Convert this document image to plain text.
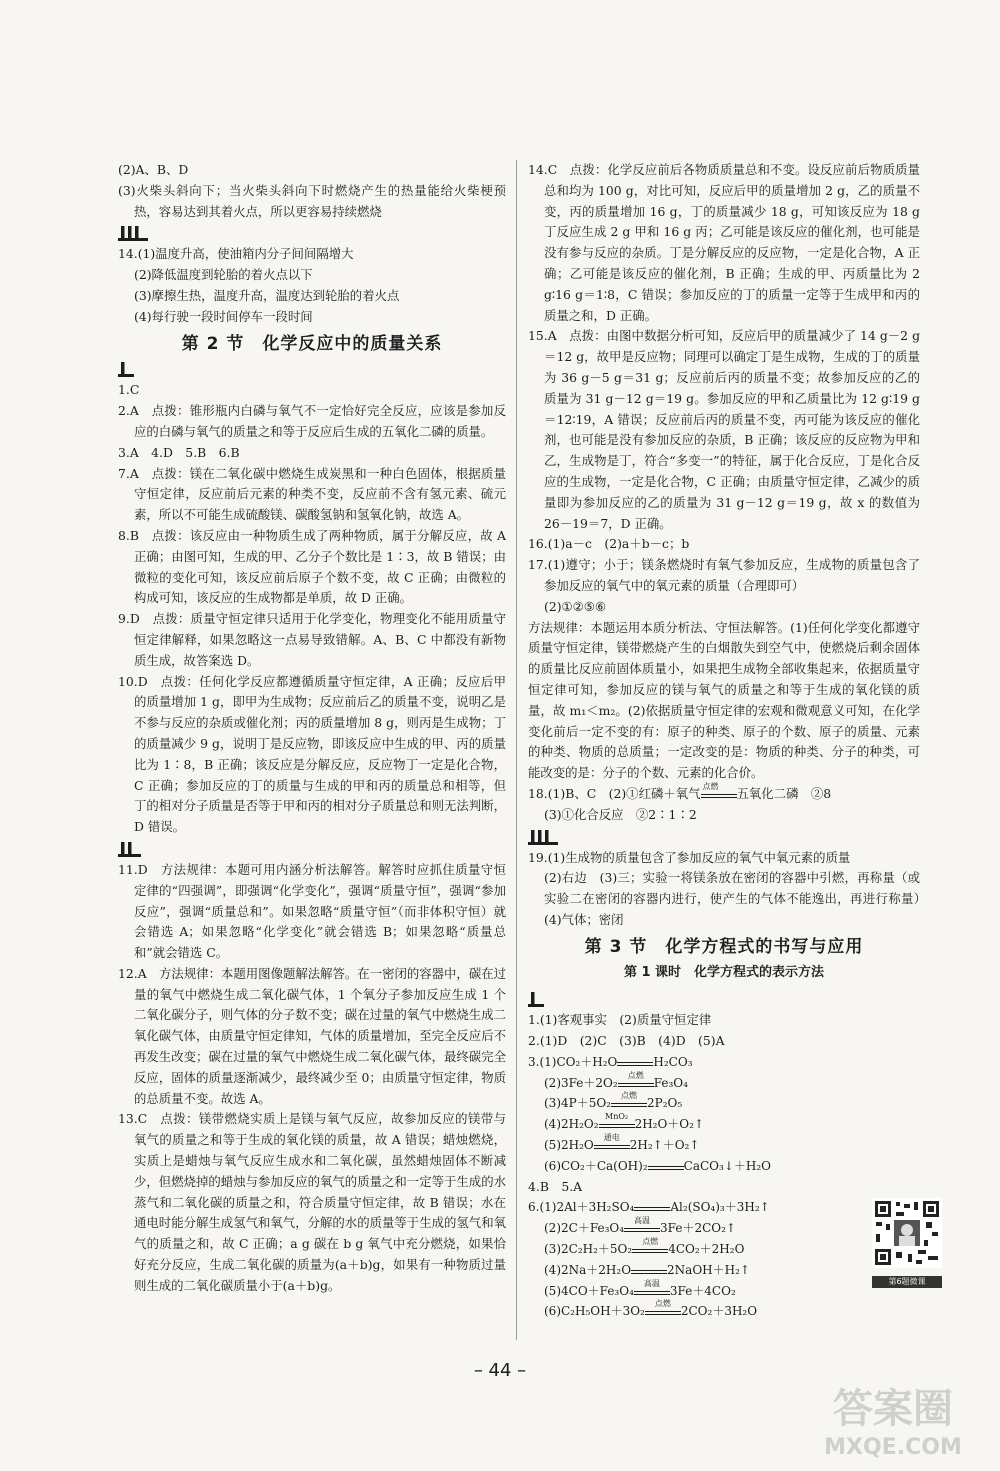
(2)A、B、D

(3)火柴头斜向下；当火柴头斜向下时燃烧产生的热量能给火柴梗预热，容易达到其着火点，所以更容易持续燃烧

14.(1)温度升高，使油箱内分子间间隔增大

(2)降低温度到轮胎的着火点以下

(3)摩擦生热，温度升高，温度达到轮胎的着火点

(4)每行驶一段时间停车一段时间

第 2 节　化学反应中的质量关系

1.C

2.A　点拨：锥形瓶内白磷与氧气不一定恰好完全反应，应该是参加反应的白磷与氧气的质量之和等于反应后生成的五氧化二磷的质量。

3.A　4.D　5.B　6.B

7.A　点拨：镁在二氧化碳中燃烧生成炭黑和一种白色固体，根据质量守恒定律，反应前后元素的种类不变，反应前不含有氢元素、硫元素，所以不可能生成硫酸镁、碳酸氢钠和氢氧化钠，故选 A。

8.B　点拨：该反应由一种物质生成了两种物质，属于分解反应，故 A 正确；由图可知，生成的甲、乙分子个数比是 1∶3，故 B 错误；由微粒的变化可知，该反应前后原子个数不变，故 C 正确；由微粒的构成可知，该反应的生成物都是单质，故 D 正确。

9.D　点拨：质量守恒定律只适用于化学变化，物理变化不能用质量守恒定律解释，如果忽略这一点易导致错解。A、B、C 中都没有新物质生成，故答案选 D。

10.D　点拨：任何化学反应都遵循质量守恒定律，A 正确；反应后甲的质量增加 1 g，即甲为生成物；反应前后乙的质量不变，说明乙是不参与反应的杂质或催化剂；丙的质量增加 8 g，则丙是生成物；丁的质量减少 9 g，说明丁是反应物，即该反应中生成的甲、丙的质量比为 1∶8，B 正确；该反应是分解反应，反应物丁一定是化合物，C 正确；参加反应的丁的质量与生成的甲和丙的质量总和相等，但丁的相对分子质量是否等于甲和丙的相对分子质量总和则无法判断，D 错误。

11.D　方法规律：本题可用内涵分析法解答。解答时应抓住质量守恒定律的“四强调”，即强调“化学变化”，强调“质量守恒”，强调“参加反应”，强调“质量总和”。如果忽略“质量守恒”（而非体积守恒）就会错选 A；如果忽略“化学变化”就会错选 B；如果忽略“质量总和”就会错选 C。

12.A　方法规律：本题用图像题解法解答。在一密闭的容器中，碳在过量的氧气中燃烧生成二氧化碳气体，1 个氧分子参加反应生成 1 个二氧化碳分子，则气体的分子数不变；碳在过量的氧气中燃烧生成二氧化碳气体，由质量守恒定律知，气体的质量增加，至完全反应后不再发生改变；碳在过量的氧气中燃烧生成二氧化碳气体，最终碳完全反应，固体的质量逐渐减少，最终减少至 0；由质量守恒定律，物质的总质量不变。故选 A。

13.C　点拨：镁带燃烧实质上是镁与氧气反应，故参加反应的镁带与氧气的质量之和等于生成的氧化镁的质量，故 A 错误；蜡烛燃烧，实质上是蜡烛与氧气反应生成水和二氧化碳，虽然蜡烛固体不断减少，但燃烧掉的蜡烛与参加反应的氧气的质量之和一定等于生成的水蒸气和二氧化碳的质量之和，符合质量守恒定律，故 B 错误；水在通电时能分解生成氢气和氧气，分解的水的质量等于生成的氢气和氧气的质量之和，故 C 正确；a g 碳在 b g 氧气中充分燃烧，如果恰好充分反应，生成二氧化碳的质量为(a＋b)g，如果有一种物质过量则生成的二氧化碳质量小于(a＋b)g。

14.C　点拨：化学反应前后各物质质量总和不变。设反应前后物质质量总和均为 100 g，对比可知，反应后甲的质量增加 2 g，乙的质量不变，丙的质量增加 16 g，丁的质量减少 18 g，可知该反应为 18 g 丁反应生成 2 g 甲和 16 g 丙；乙可能是该反应的催化剂，也可能是没有参与反应的杂质。丁是分解反应的反应物，一定是化合物，A 正确；乙可能是该反应的催化剂，B 正确；生成的甲、丙质量比为 2 g∶16 g＝1∶8，C 错误；参加反应的丁的质量一定等于生成甲和丙的质量之和，D 正确。

15.A　点拨：由图中数据分析可知，反应后甲的质量减少了 14 g－2 g＝12 g，故甲是反应物；同理可以确定丁是生成物，生成的丁的质量为 36 g－5 g＝31 g；反应前后丙的质量不变；故参加反应的乙的质量为 31 g－12 g＝19 g。参加反应的甲和乙质量比为 12 g∶19 g＝12∶19，A 错误；反应前后丙的质量不变，丙可能为该反应的催化剂，也可能是没有参加反应的杂质，B 正确；该反应的反应物为甲和乙，生成物是丁，符合“多变一”的特征，属于化合反应，丁是化合反应的生成物，一定是化合物，C 正确；由质量守恒定律，乙减少的质量即为参加反应的乙的质量为 31 g－12 g＝19 g，故 x 的数值为 26－19＝7，D 正确。

16.(1)a－c　(2)a＋b－c；b

17.(1)遵守；小于；镁条燃烧时有氧气参加反应，生成物的质量包含了参加反应的氧气中的氧元素的质量（合理即可）

(2)①②⑤⑥

方法规律：本题运用本质分析法、守恒法解答。(1)任何化学变化都遵守质量守恒定律，镁带燃烧产生的白烟散失到空气中，使燃烧后剩余固体的质量比反应前固体质量小，如果把生成物全部收集起来，依据质量守恒定律可知，参加反应的镁与氧气的质量之和等于生成的氧化镁的质量，故 m₁＜m₂。(2)依据质量守恒定律的宏观和微观意义可知，在化学变化前后一定不变的有：原子的种类、原子的个数、原子的质量、元素的种类、物质的总质量；一定改变的是：物质的种类、分子的种类，可能改变的是：分子的个数、元素的化合价。

18.(1)B、C　(2)①红磷＋氧气 点燃	五氧化二磷　②8

(3)①化合反应　②2∶1∶2

19.(1)生成物的质量包含了参加反应的氧气中氧元素的质量

(2)右边　(3)三；实验一将镁条放在密闭的容器中引燃，再称量（或实验二在密闭的容器内进行，使产生的气体不能逸出，再进行称量）　(4)气体；密闭

第 3 节　化学方程式的书写与应用
第 1 课时　化学方程式的表示方法

1.(1)客观事实　(2)质量守恒定律

2.(1)D　(2)C　(3)B　(4)D　(5)A

3.(1)CO₂＋H₂O	H₂CO₃

(2)3Fe＋2O₂
点燃
Fe₃O₄

(3)4P＋5O₂
点燃
2P₂O₅

(4)2H₂O₂
MnO₂
2H₂O＋O₂↑

(5)2H₂O
通电
2H₂↑＋O₂↑

(6)CO₂＋Ca(OH)₂	CaCO₃↓＋H₂O

4.B　5.A

6.(1)2Al＋3H₂SO₄	Al₂(SO₄)₃＋3H₂↑

(2)2C＋Fe₃O₄
高温
3Fe＋2CO₂↑

(3)2C₂H₂＋5O₂
点燃
4CO₂＋2H₂O

(4)2Na＋2H₂O	2NaOH＋H₂↑

(5)4CO＋Fe₃O₄
高温
3Fe＋4CO₂

(6)C₂H₅OH＋3O₂
点燃
2CO₂＋3H₂O

第6题微课
– 44 –
答案圈
MXQE.COM
